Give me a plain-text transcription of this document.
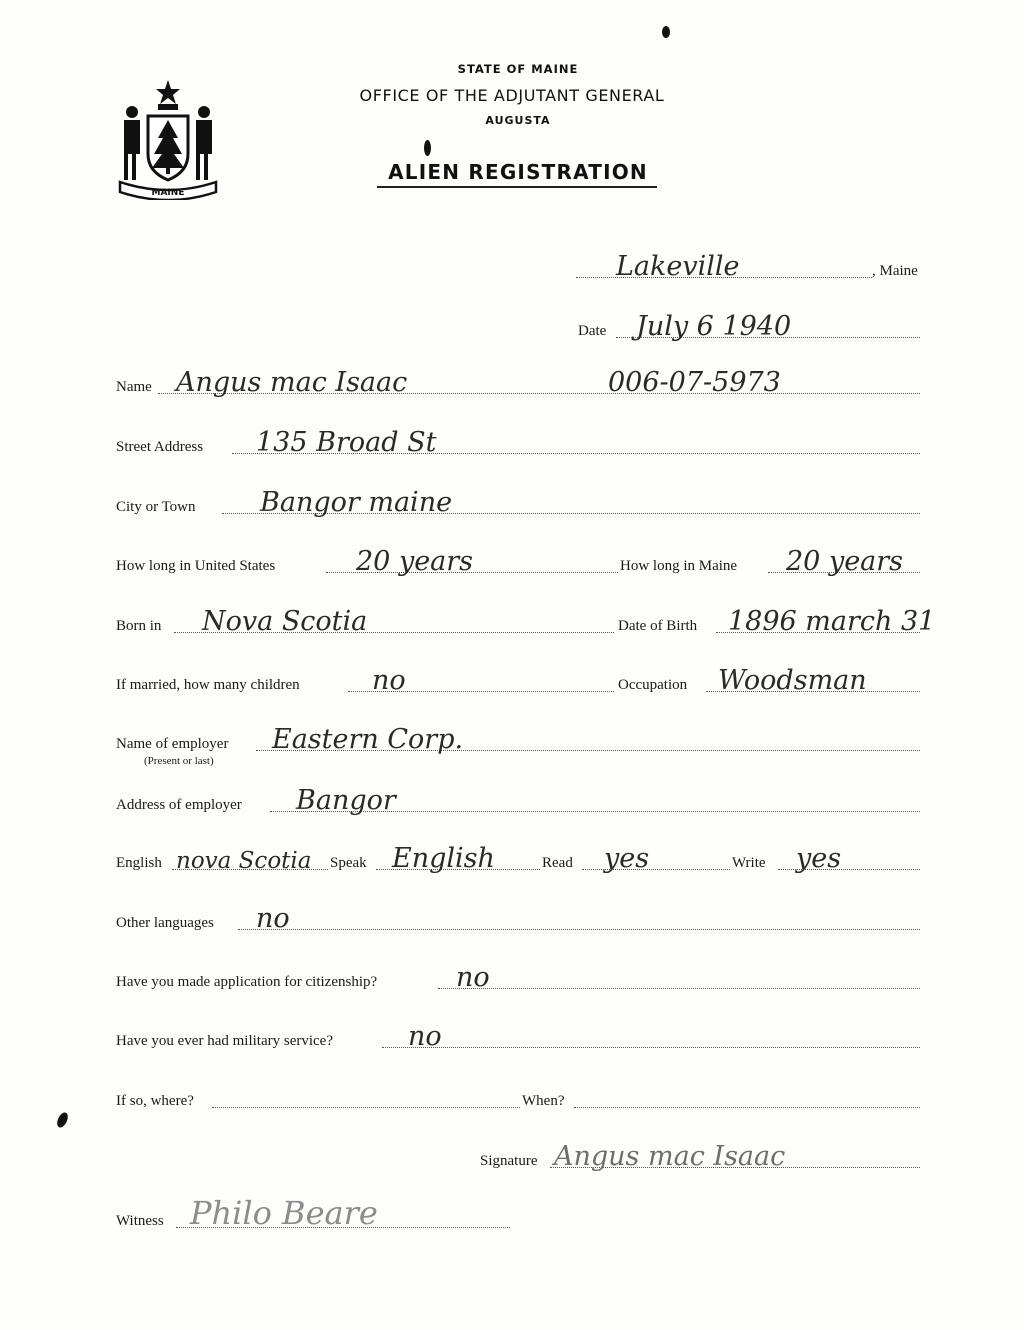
MAINE
STATE OF MAINE
OFFICE OF THE ADJUTANT GENERAL
AUGUSTA
ALIEN REGISTRATION
Lakeville	, Maine
Date July 6 1940
Name Angus mac Isaac	006-07-5973
Street Address 135 Broad St
City or Town Bangor maine
How long in United States	20 years	How long in Maine 20 years
Born in Nova Scotia	Date of Birth 1896 march 31
If married, how many children	no	Occupation Woodsman
Name of employer Eastern Corp.
(Present or last)
Address of employer Bangor
English nova Scotia Speak English	Read yes	Write yes
Other languages no
Have you made application for citizenship?	no
Have you ever had military service?	no
If so, where?	When?
Signature Angus mac Isaac
Witness Philo Beare
